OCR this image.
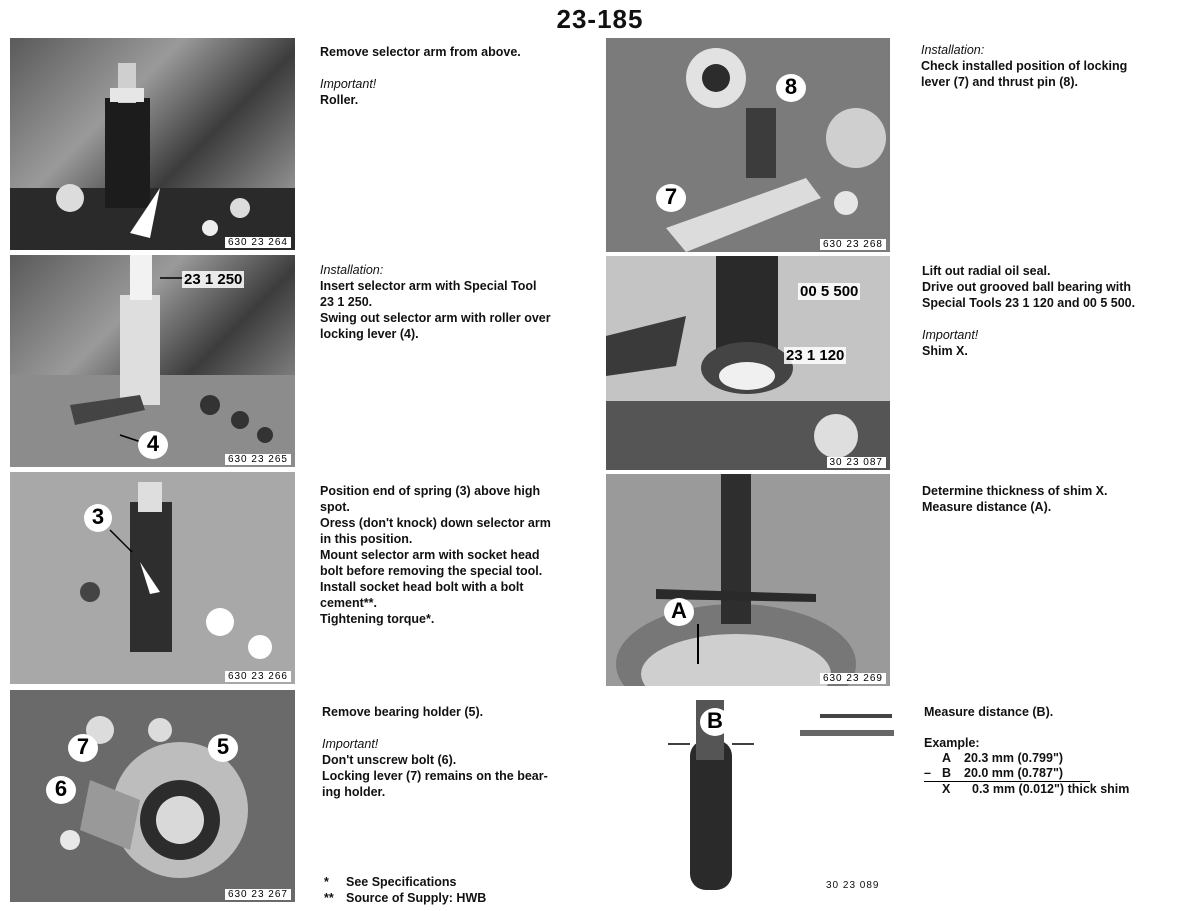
23-185
630 23 264
23 1 250
4
630 23 265
3
630 23 266
7	5
6
630 23 267
Remove selector arm from above.
Important!
Roller.
Installation:
Insert selector arm with Special Tool
23 1 250.
Swing out selector arm with roller over
locking lever (4).
Position end of spring (3) above high
spot.
Oress (don't knock) down selector arm
in this position.
Mount selector arm with socket head
bolt before removing the special tool.
Install socket head bolt with a bolt
cement**.
Tightening torque*.
Remove bearing holder (5).
Important!
Don't unscrew bolt (6).
Locking lever (7) remains on the bear-
ing holder.
* See Specifications
** Source of Supply: HWB
8
7
630 23 268
00 5 500
23 1 120
30 23 087
A
630 23 269
B
30 23 089
Installation:
Check installed position of locking
lever (7) and thrust pin (8).
Lift out radial oil seal.
Drive out grooved ball bearing with
Special Tools 23 1 120 and 00 5 500.
Important!
Shim X.
Determine thickness of shim X.
Measure distance (A).
Measure distance (B).
Example:
A	20.3 mm (0.799")
– B	20.0 mm (0.787")
X	0.3 mm (0.012") thick shim
